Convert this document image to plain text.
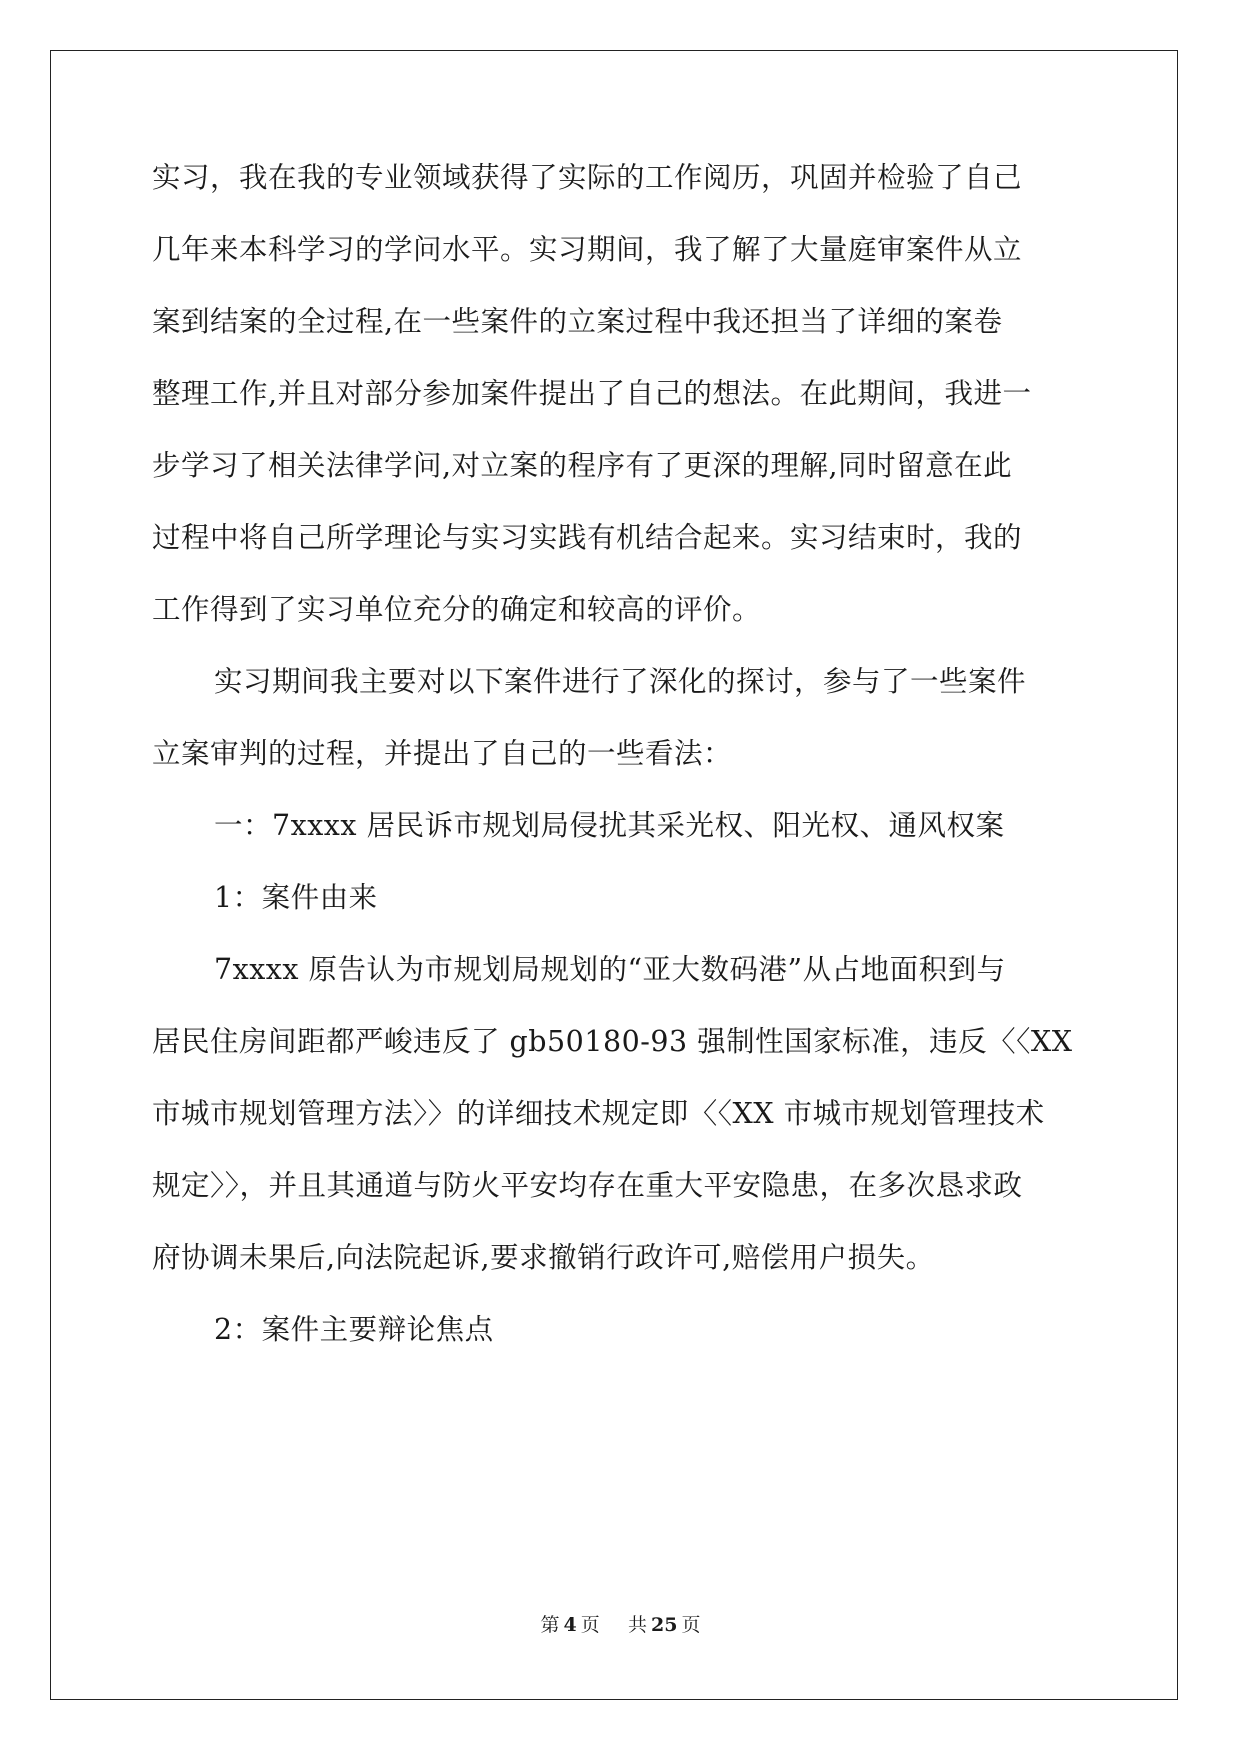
实习，我在我的专业领域获得了实际的工作阅历，巩固并检验了自己
几年来本科学习的学问水平。实习期间，我了解了大量庭审案件从立
案到结案的全过程,在一些案件的立案过程中我还担当了详细的案卷
整理工作,并且对部分参加案件提出了自己的想法。在此期间，我进一
步学习了相关法律学问,对立案的程序有了更深的理解,同时留意在此
过程中将自己所学理论与实习实践有机结合起来。实习结束时，我的
工作得到了实习单位充分的确定和较高的评价。
实习期间我主要对以下案件进行了深化的探讨，参与了一些案件
立案审判的过程，并提出了自己的一些看法：
一：7xxxx 居民诉市规划局侵扰其采光权、阳光权、通风权案
1：案件由来
7xxxx 原告认为市规划局规划的“亚大数码港”从占地面积到与
居民住房间距都严峻违反了 gb50180-93 强制性国家标准，违反〈〈XX
市城市规划管理方法〉〉的详细技术规定即〈〈XX 市城市规划管理技术
规定〉〉，并且其通道与防火平安均存在重大平安隐患，在多次恳求政
府协调未果后,向法院起诉,要求撤销行政许可,赔偿用户损失。
2：案件主要辩论焦点
第 4 页 共 25 页
